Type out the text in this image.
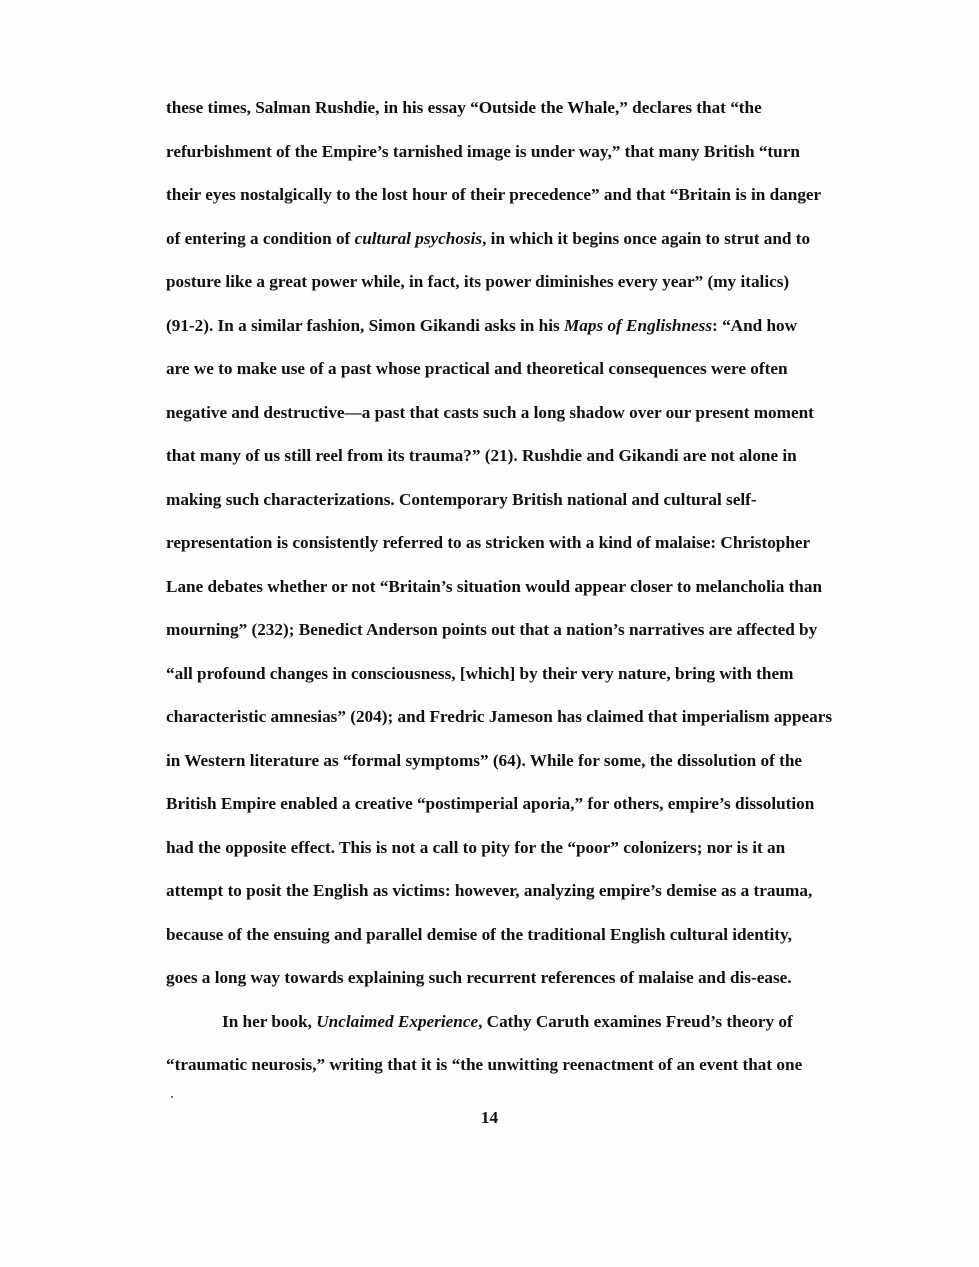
these times, Salman Rushdie, in his essay “Outside the Whale,” declares that “the
refurbishment of the Empire’s tarnished image is under way,” that many British “turn
their eyes nostalgically to the lost hour of their precedence” and that “Britain is in danger
of entering a condition of cultural psychosis, in which it begins once again to strut and to
posture like a great power while, in fact, its power diminishes every year” (my italics)
(91-2). In a similar fashion, Simon Gikandi asks in his Maps of Englishness: “And how
are we to make use of a past whose practical and theoretical consequences were often
negative and destructive—a past that casts such a long shadow over our present moment
that many of us still reel from its trauma?” (21). Rushdie and Gikandi are not alone in
making such characterizations. Contemporary British national and cultural self-
representation is consistently referred to as stricken with a kind of malaise: Christopher
Lane debates whether or not “Britain’s situation would appear closer to melancholia than
mourning” (232); Benedict Anderson points out that a nation’s narratives are affected by
“all profound changes in consciousness, [which] by their very nature, bring with them
characteristic amnesias” (204); and Fredric Jameson has claimed that imperialism appears
in Western literature as “formal symptoms” (64). While for some, the dissolution of the
British Empire enabled a creative “postimperial aporia,” for others, empire’s dissolution
had the opposite effect. This is not a call to pity for the “poor” colonizers; nor is it an
attempt to posit the English as victims: however, analyzing empire’s demise as a trauma,
because of the ensuing and parallel demise of the traditional English cultural identity,
goes a long way towards explaining such recurrent references of malaise and dis-ease.
In her book, Unclaimed Experience, Cathy Caruth examines Freud’s theory of
“traumatic neurosis,” writing that it is “the unwitting reenactment of an event that one
14
